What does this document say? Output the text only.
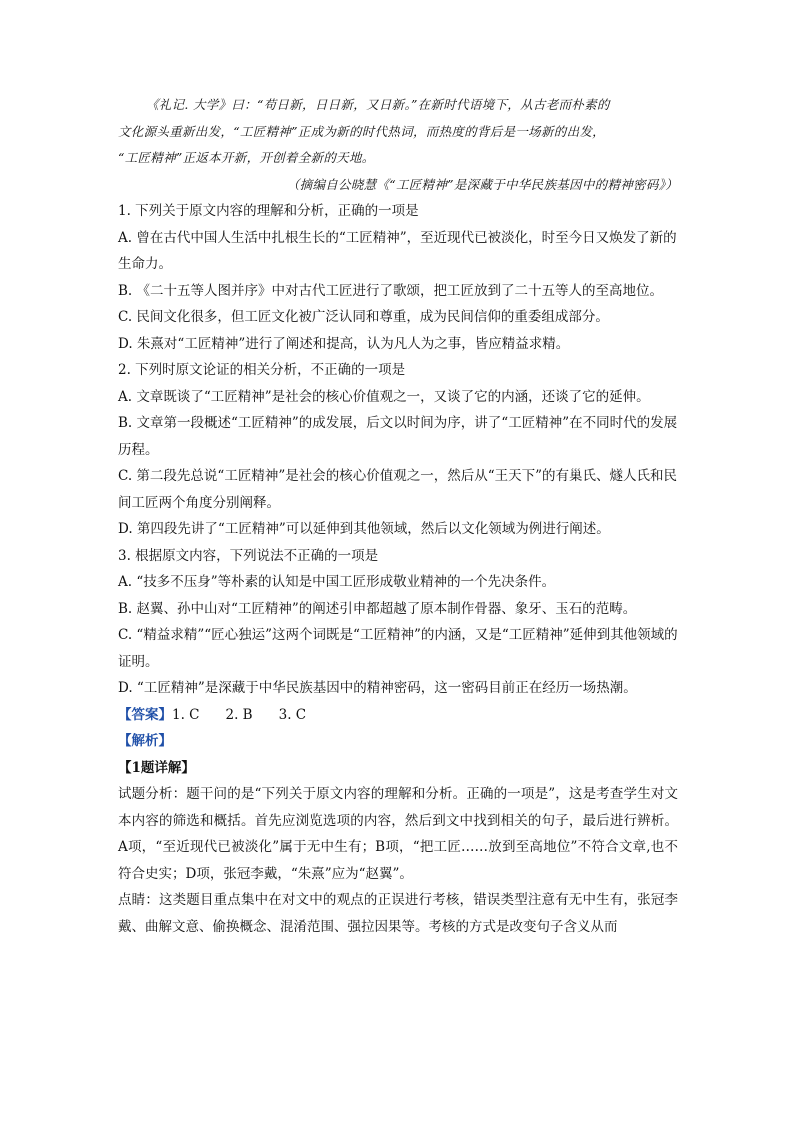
《礼记. 大学》曰：“苟日新，日日新，又日新。”在新时代语境下，从古老而朴素的

文化源头重新出发，“工匠精神”正成为新的时代热词，而热度的背后是一场新的出发，

“工匠精神”正返本开新，开创着全新的天地。

（摘编自公晓慧《“工匠精神”是深藏于中华民族基因中的精神密码》）

1. 下列关于原文内容的理解和分析，正确的一项是

A. 曾在古代中国人生活中扎根生长的“工匠精神”，至近现代已被淡化，时至今日又焕发了新的生命力。

B. 《二十五等人图并序》中对古代工匠进行了歌颂，把工匠放到了二十五等人的至高地位。

C. 民间文化很多，但工匠文化被广泛认同和尊重，成为民间信仰的重委组成部分。

D. 朱熹对“工匠精神”进行了阐述和提高，认为凡人为之事，皆应精益求精。

2. 下列时原文论证的相关分析，不正确的一项是

A. 文章既谈了“工匠精神”是社会的核心价值观之一，又谈了它的内涵，还谈了它的延伸。

B. 文章第一段概述“工匠精神”的成发展，后文以时间为序，讲了“工匠精神”在不同时代的发展历程。

C. 第二段先总说“工匠精神”是社会的核心价值观之一，然后从“王天下”的有巢氏、燧人氏和民间工匠两个角度分别阐释。

D. 第四段先讲了“工匠精神”可以延伸到其他领域，然后以文化领域为例进行阐述。

3. 根据原文内容，下列说法不正确的一项是

A. “技多不压身”等朴素的认知是中国工匠形成敬业精神的一个先决条件。

B. 赵翼、孙中山对“工匠精神”的阐述引申都超越了原本制作骨器、象牙、玉石的范畴。

C. “精益求精”“匠心独运”这两个词既是“工匠精神”的内涵，又是“工匠精神”延伸到其他领域的证明。

D. “工匠精神”是深藏于中华民族基因中的精神密码，这一密码目前正在经历一场热潮。

【答案】1. C 2. B 3. C

【解析】

【1题详解】

试题分析：题干问的是“下列关于原文内容的理解和分析。正确的一项是”，这是考查学生对文本内容的筛选和概括。首先应浏览选项的内容，然后到文中找到相关的句子，最后进行辨析。A项，“至近现代已被淡化”属于无中生有；B项，“把工匠……放到至高地位”不符合文章,也不符合史实；D项，张冠李戴，“朱熹”应为“赵翼”。

点睛：这类题目重点集中在对文中的观点的正误进行考核，错误类型注意有无中生有，张冠李戴、曲解文意、偷换概念、混淆范围、强拉因果等。考核的方式是改变句子含义从而
